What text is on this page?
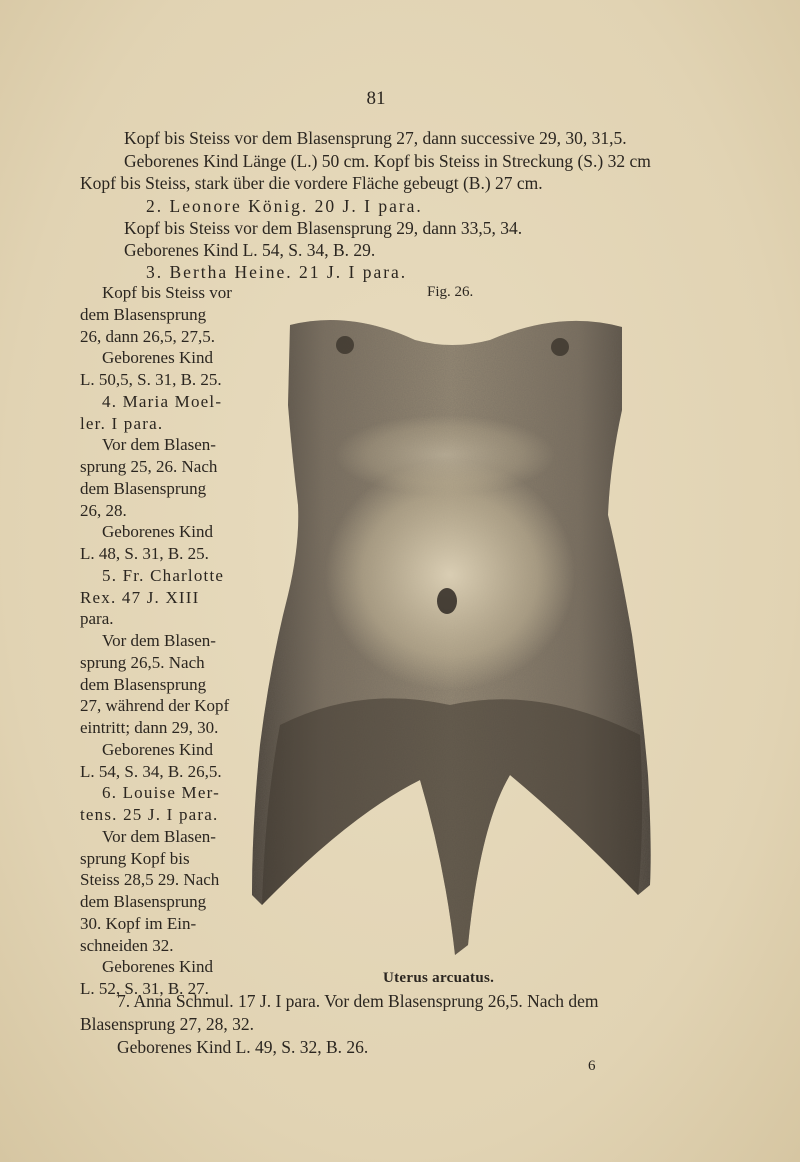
81
Kopf bis Steiss vor dem Blasensprung 27, dann successive 29, 30, 31,5.
Geborenes Kind Länge (L.) 50 cm. Kopf bis Steiss in Streckung (S.) 32 cm
Kopf bis Steiss, stark über die vordere Fläche gebeugt (B.) 27 cm.
2. Leonore König. 20 J. I para.
Kopf bis Steiss vor dem Blasensprung 29, dann 33,5, 34.
Geborenes Kind L. 54, S. 34, B. 29.
3. Bertha Heine. 21 J. I para.
Fig. 26.
Kopf bis Steiss vor
dem Blasensprung
26, dann 26,5, 27,5.
Geborenes Kind
L. 50,5, S. 31, B. 25.
4. Maria Moel-
ler. I para.
Vor dem Blasen-
sprung 25, 26. Nach
dem Blasensprung
26, 28.
Geborenes Kind
L. 48, S. 31, B. 25.
5. Fr. Charlotte
Rex. 47 J. XIII
para.
Vor dem Blasen-
sprung 26,5. Nach
dem Blasensprung
27, während der Kopf
eintritt; dann 29, 30.
Geborenes Kind
L. 54, S. 34, B. 26,5.
6. Louise Mer-
tens. 25 J. I para.
Vor dem Blasen-
sprung Kopf bis
Steiss 28,5 29. Nach
dem Blasensprung
30. Kopf im Ein-
schneiden 32.
Geborenes Kind
L. 52, S. 31, B. 27.
Uterus arcuatus.
7. Anna Schmul. 17 J. I para. Vor dem Blasensprung 26,5. Nach dem
Blasensprung 27, 28, 32.
Geborenes Kind L. 49, S. 32, B. 26.
6
